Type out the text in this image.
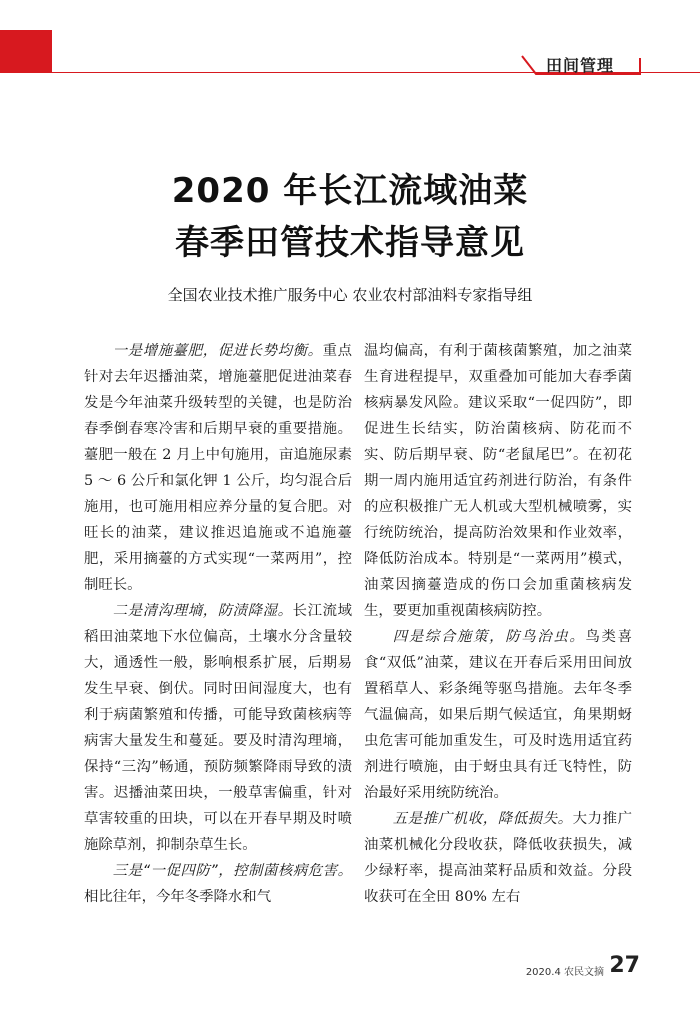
田间管理
2020 年长江流域油菜
春季田管技术指导意见
全国农业技术推广服务中心 农业农村部油料专家指导组

一是增施薹肥，促进长势均衡。重点针对去年迟播油菜，增施薹肥促进油菜春发是今年油菜升级转型的关键，也是防治春季倒春寒冷害和后期早衰的重要措施。薹肥一般在 2 月上中旬施用，亩追施尿素 5 ～ 6 公斤和氯化钾 1 公斤，均匀混合后施用，也可施用相应养分量的复合肥。对旺长的油菜，建议推迟追施或不追施薹肥，采用摘薹的方式实现“一菜两用”，控制旺长。

二是清沟理墒，防渍降湿。长江流域稻田油菜地下水位偏高，土壤水分含量较大，通透性一般，影响根系扩展，后期易发生早衰、倒伏。同时田间湿度大，也有利于病菌繁殖和传播，可能导致菌核病等病害大量发生和蔓延。要及时清沟理墒，保持“三沟”畅通，预防频繁降雨导致的渍害。迟播油菜田块，一般草害偏重，针对草害较重的田块，可以在开春早期及时喷施除草剂，抑制杂草生长。

三是“一促四防”，控制菌核病危害。相比往年，今年冬季降水和气

温均偏高，有利于菌核菌繁殖，加之油菜生育进程提早，双重叠加可能加大春季菌核病暴发风险。建议采取“一促四防”，即促进生长结实，防治菌核病、防花而不实、防后期早衰、防“老鼠尾巴”。在初花期一周内施用适宜药剂进行防治，有条件的应积极推广无人机或大型机械喷雾，实行统防统治，提高防治效果和作业效率，降低防治成本。特别是“一菜两用”模式，油菜因摘薹造成的伤口会加重菌核病发生，要更加重视菌核病防控。

四是综合施策，防鸟治虫。鸟类喜食“双低”油菜，建议在开春后采用田间放置稻草人、彩条绳等驱鸟措施。去年冬季气温偏高，如果后期气候适宜，角果期蚜虫危害可能加重发生，可及时选用适宜药剂进行喷施，由于蚜虫具有迁飞特性，防治最好采用统防统治。

五是推广机收，降低损失。大力推广油菜机械化分段收获，降低收获损失，减少绿籽率，提高油菜籽品质和效益。分段收获可在全田 80% 左右

2020.4 农民文摘 27
